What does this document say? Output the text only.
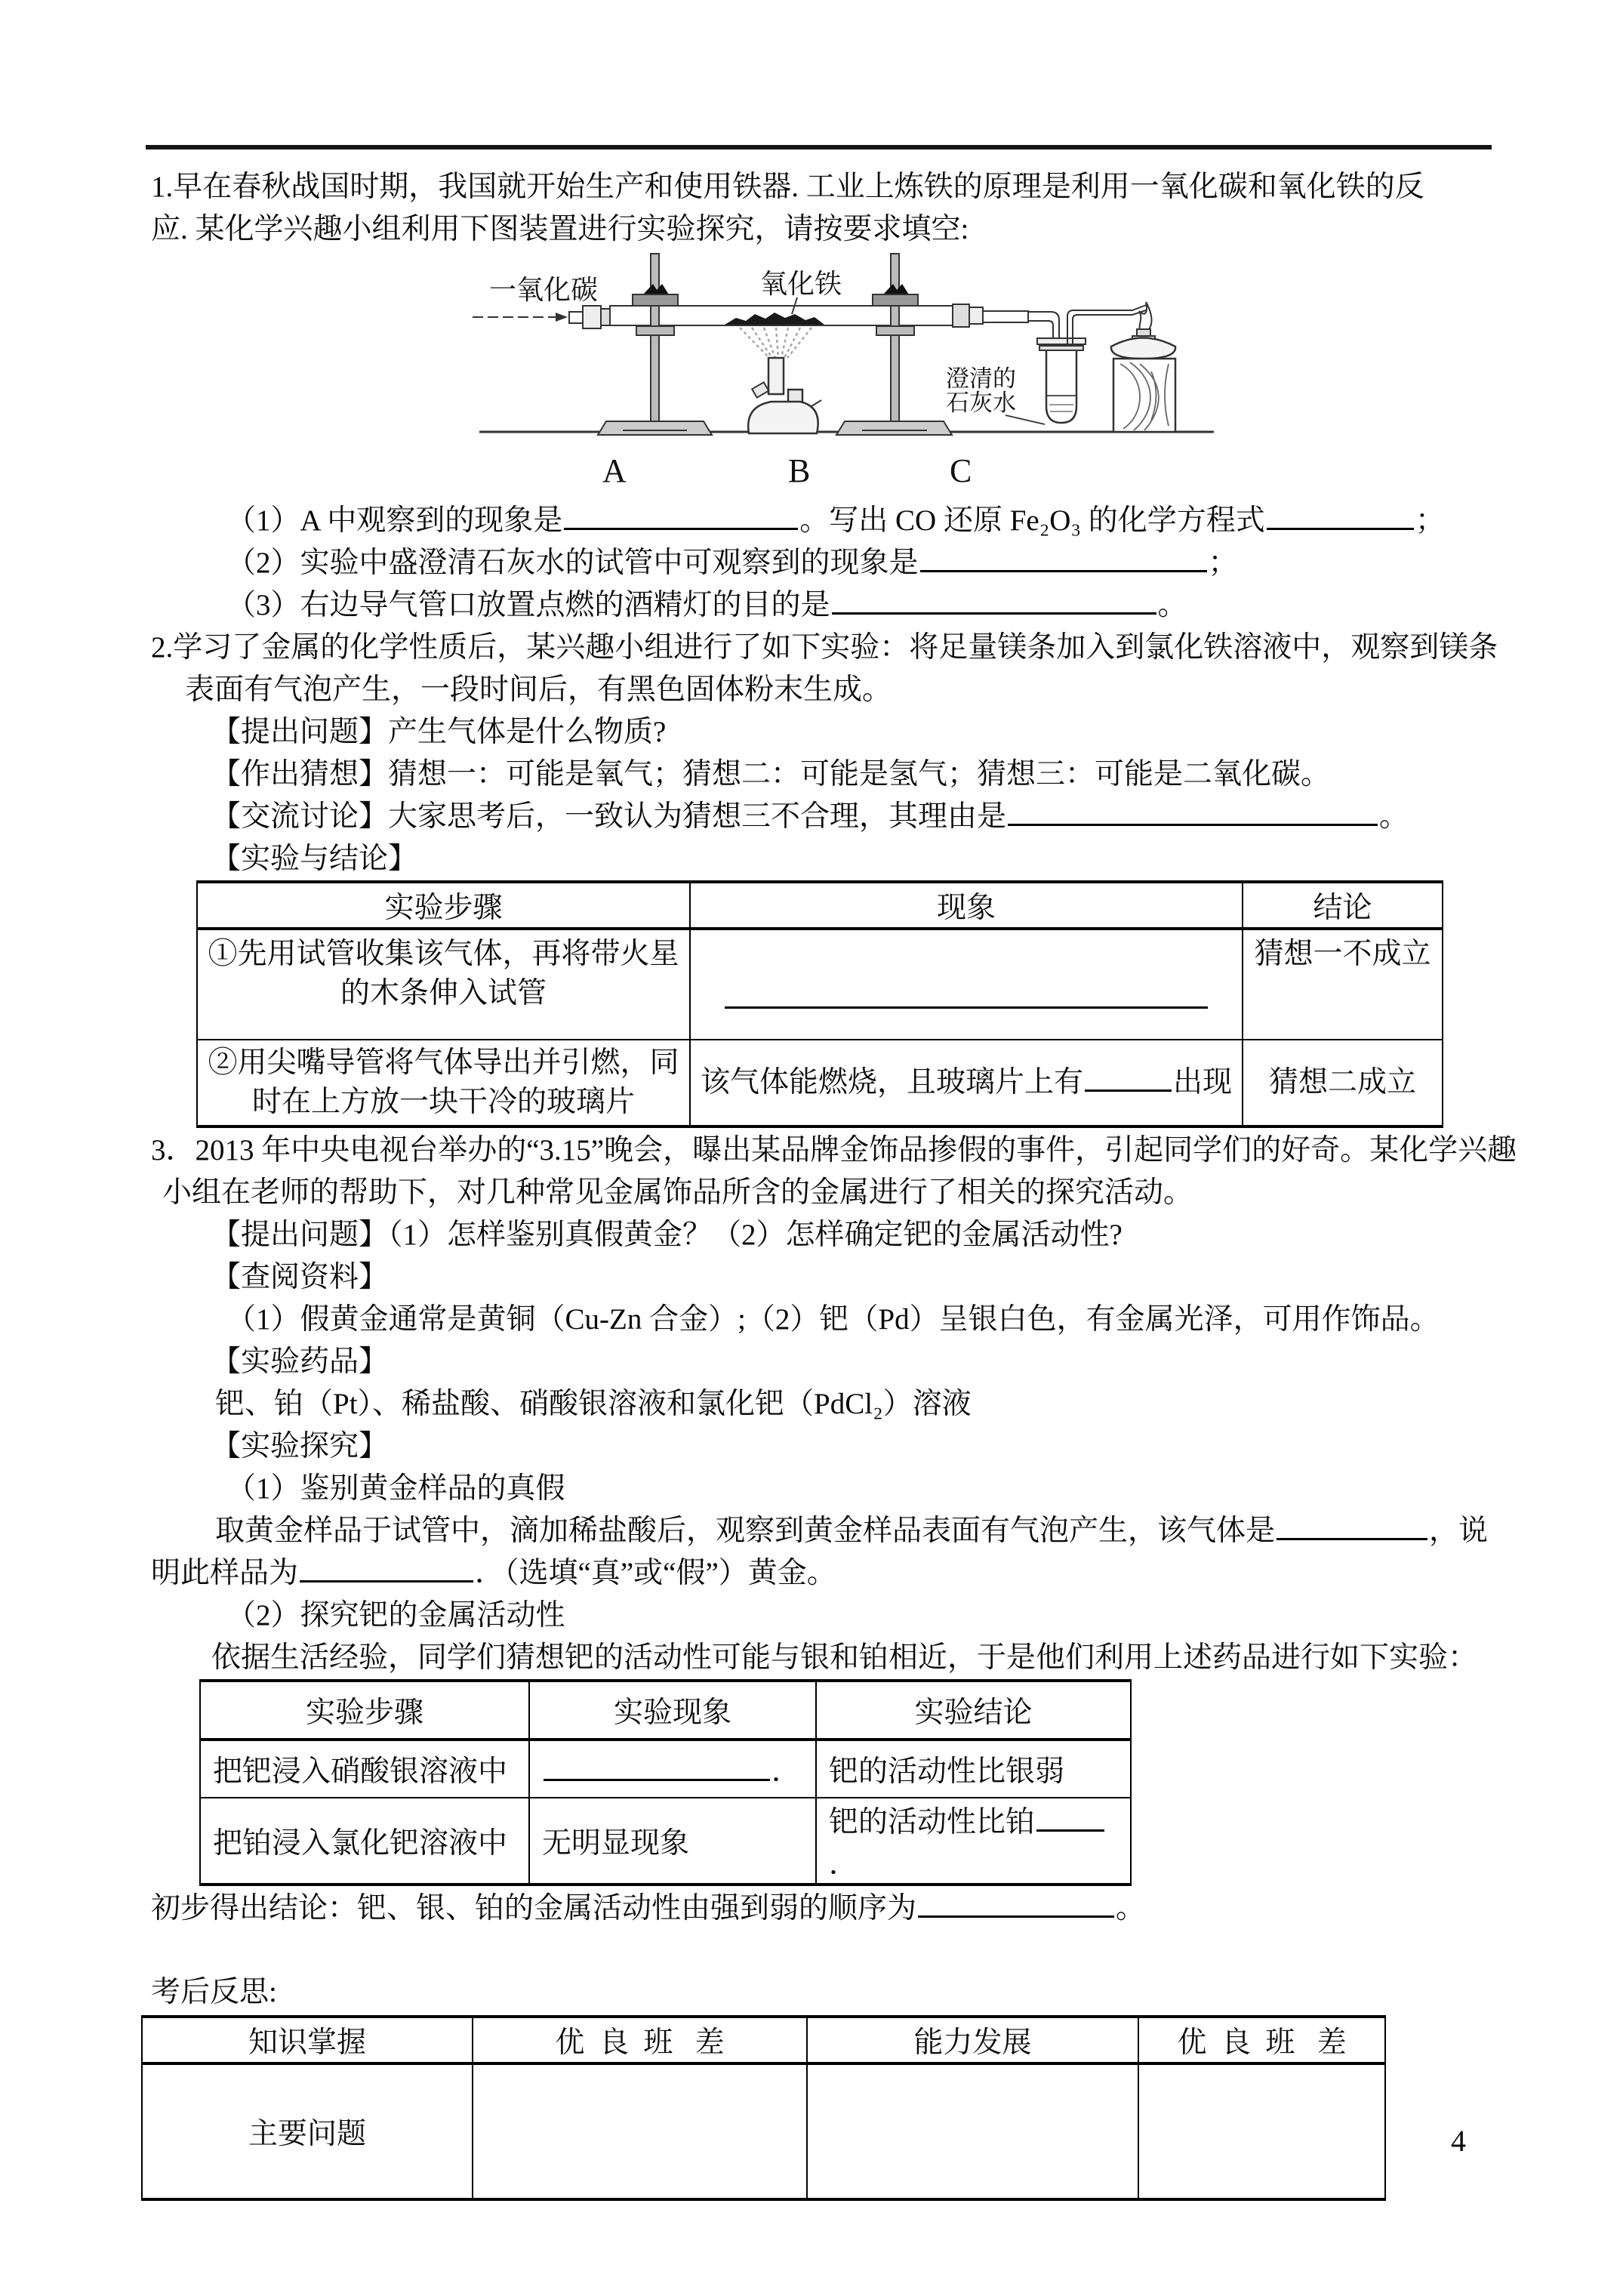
1.早在春秋战国时期，我国就开始生产和使用铁器. 工业上炼铁的原理是利用一氧化碳和氧化铁的反

应. 某化学兴趣小组利用下图装置进行实验探究，请按要求填空:

一氧化碳	氧化铁
澄清的
石灰水
A	B	C

（1）A 中观察到的现象是	。写出 CO 还原 Fe₂O₃ 的化学方程式	；

（2）实验中盛澄清石灰水的试管中可观察到的现象是	；

（3）右边导气管口放置点燃的酒精灯的目的是	。

2.学习了金属的化学性质后，某兴趣小组进行了如下实验：将足量镁条加入到氯化铁溶液中，观察到镁条

表面有气泡产生，一段时间后，有黑色固体粉末生成。

【提出问题】产生气体是什么物质?

【作出猜想】猜想一：可能是氧气；猜想二：可能是氢气；猜想三：可能是二氧化碳。

【交流讨论】大家思考后，一致认为猜想三不合理，其理由是	。

【实验与结论】

实验步骤	现象	结论
①先用试管收集该气体，再将带火星的木条伸入试管		猜想一不成立
②用尖嘴导管将气体导出并引燃，同时在上方放一块干冷的玻璃片	该气体能燃烧，且玻璃片上有 出现	猜想二成立

3．2013 年中央电视台举办的“3.15”晚会，曝出某品牌金饰品掺假的事件，引起同学们的好奇。某化学兴趣

小组在老师的帮助下，对几种常见金属饰品所含的金属进行了相关的探究活动。

【提出问题】（1）怎样鉴别真假黄金？（2）怎样确定钯的金属活动性?

【查阅资料】

（1）假黄金通常是黄铜（Cu-Zn 合金）;（2）钯（Pd）呈银白色，有金属光泽，可用作饰品。

【实验药品】

钯、铂（Pt）、稀盐酸、硝酸银溶液和氯化钯（PdCl₂）溶液

【实验探究】

（1）鉴别黄金样品的真假

取黄金样品于试管中，滴加稀盐酸后，观察到黄金样品表面有气泡产生，该气体是	，说

明此样品为	．（选填“真”或“假”）黄金。

（2）探究钯的金属活动性

依据生活经验，同学们猜想钯的活动性可能与银和铂相近，于是他们利用上述药品进行如下实验：

实验步骤	实验现象	实验结论
把钯浸入硝酸银溶液中	．	钯的活动性比银弱
把铂浸入氯化钯溶液中	无明显现象	钯的活动性比铂．

初步得出结论：钯、银、铂的金属活动性由强到弱的顺序为	。

考后反思:

知识掌握	优  良  班   差	能力发展	优  良  班   差
主要问题				4
